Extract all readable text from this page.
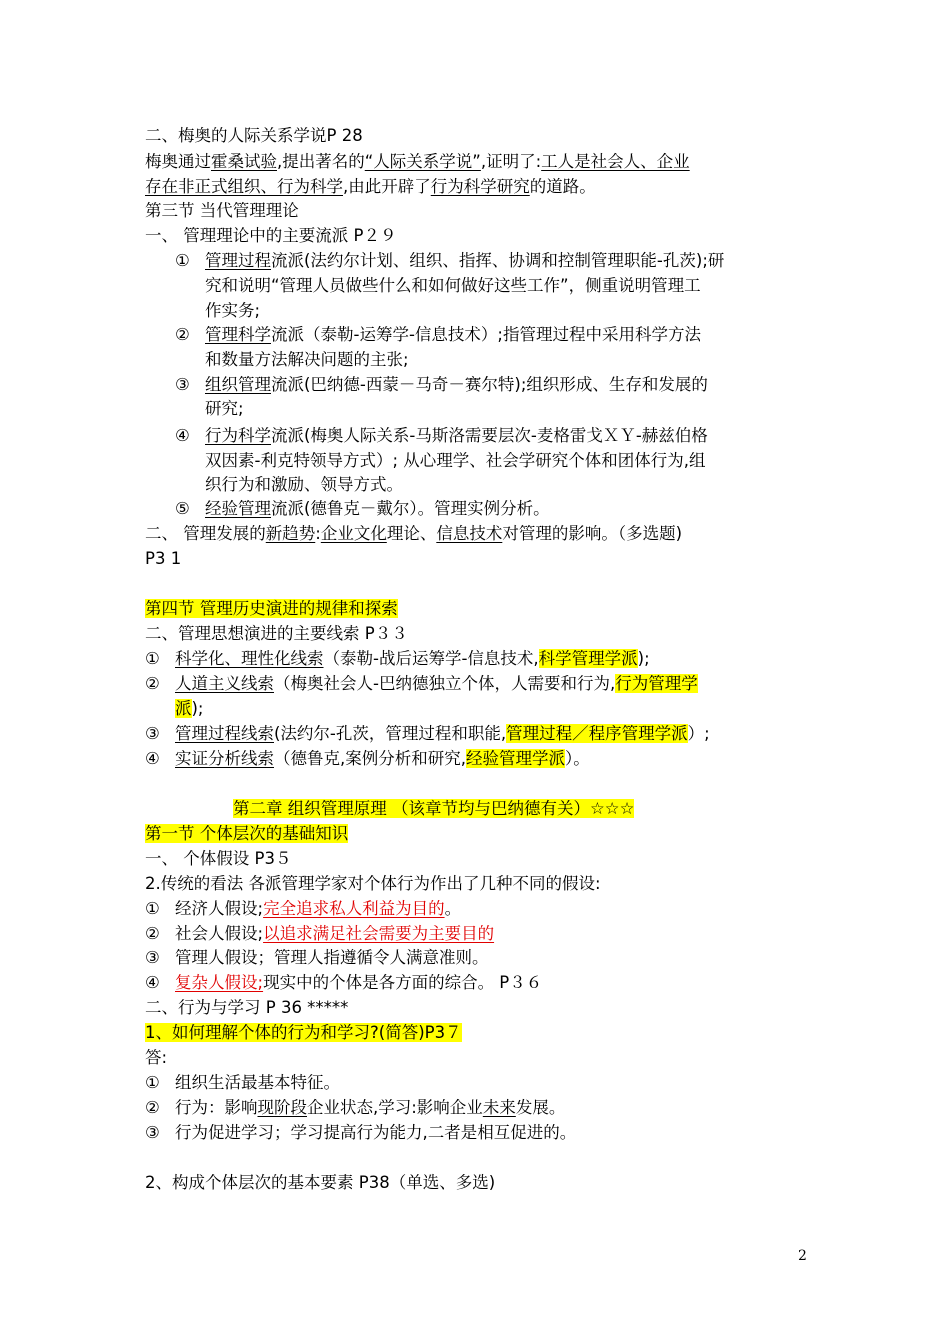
二、梅奥的人际关系学说P 28
梅奥通过霍桑试验,提出著名的“人际关系学说”,证明了:工人是社会人、企业
存在非正式组织、行为科学,由此开辟了行为科学研究的道路。
第三节 当代管理理论
一、 管理理论中的主要流派 P２９
① 管理过程流派(法约尔计划、组织、指挥、协调和控制管理职能-孔茨);研
究和说明“管理人员做些什么和如何做好这些工作”，侧重说明管理工
作实务;
② 管理科学流派（泰勒-运筹学-信息技术）;指管理过程中采用科学方法
和数量方法解决问题的主张;
③ 组织管理流派(巴纳德-西蒙－马奇－赛尔特);组织形成、生存和发展的
研究;
④ 行为科学流派(梅奥人际关系-马斯洛需要层次-麦格雷戈ＸＹ-赫兹伯格
双因素-利克特领导方式）; 从心理学、社会学研究个体和团体行为,组
织行为和激励、领导方式。
⑤ 经验管理流派(德鲁克－戴尔）。管理实例分析。
二、 管理发展的新趋势:企业文化理论、信息技术对管理的影响。（多选题)
P3 1
第四节 管理历史演进的规律和探索
二、管理思想演进的主要线索 P３３
① 科学化、理性化线索（泰勒-战后运筹学-信息技术,科学管理学派);
② 人道主义线索（梅奥社会人-巴纳德独立个体，人需要和行为,行为管理学
派);
③ 管理过程线索(法约尔-孔茨，管理过程和职能,管理过程／程序管理学派）;
④ 实证分析线索（德鲁克,案例分析和研究,经验管理学派）。
第二章 组织管理原理 （该章节均与巴纳德有关）☆☆☆
第一节 个体层次的基础知识
一、 个体假设 P3５
2.传统的看法 各派管理学家对个体行为作出了几种不同的假设:
① 经济人假设;完全追求私人利益为目的。
② 社会人假设;以追求满足社会需要为主要目的
③ 管理人假设；管理人指遵循令人满意准则。
④ 复杂人假设;现实中的个体是各方面的综合。 P３６
二、行为与学习 P 36 *****
1、如何理解个体的行为和学习?(简答)P3７
答:
① 组织生活最基本特征。
② 行为：影响现阶段企业状态,学习:影响企业未来发展。
③ 行为促进学习；学习提高行为能力,二者是相互促进的。
2、构成个体层次的基本要素 P38（单选、多选)
2
